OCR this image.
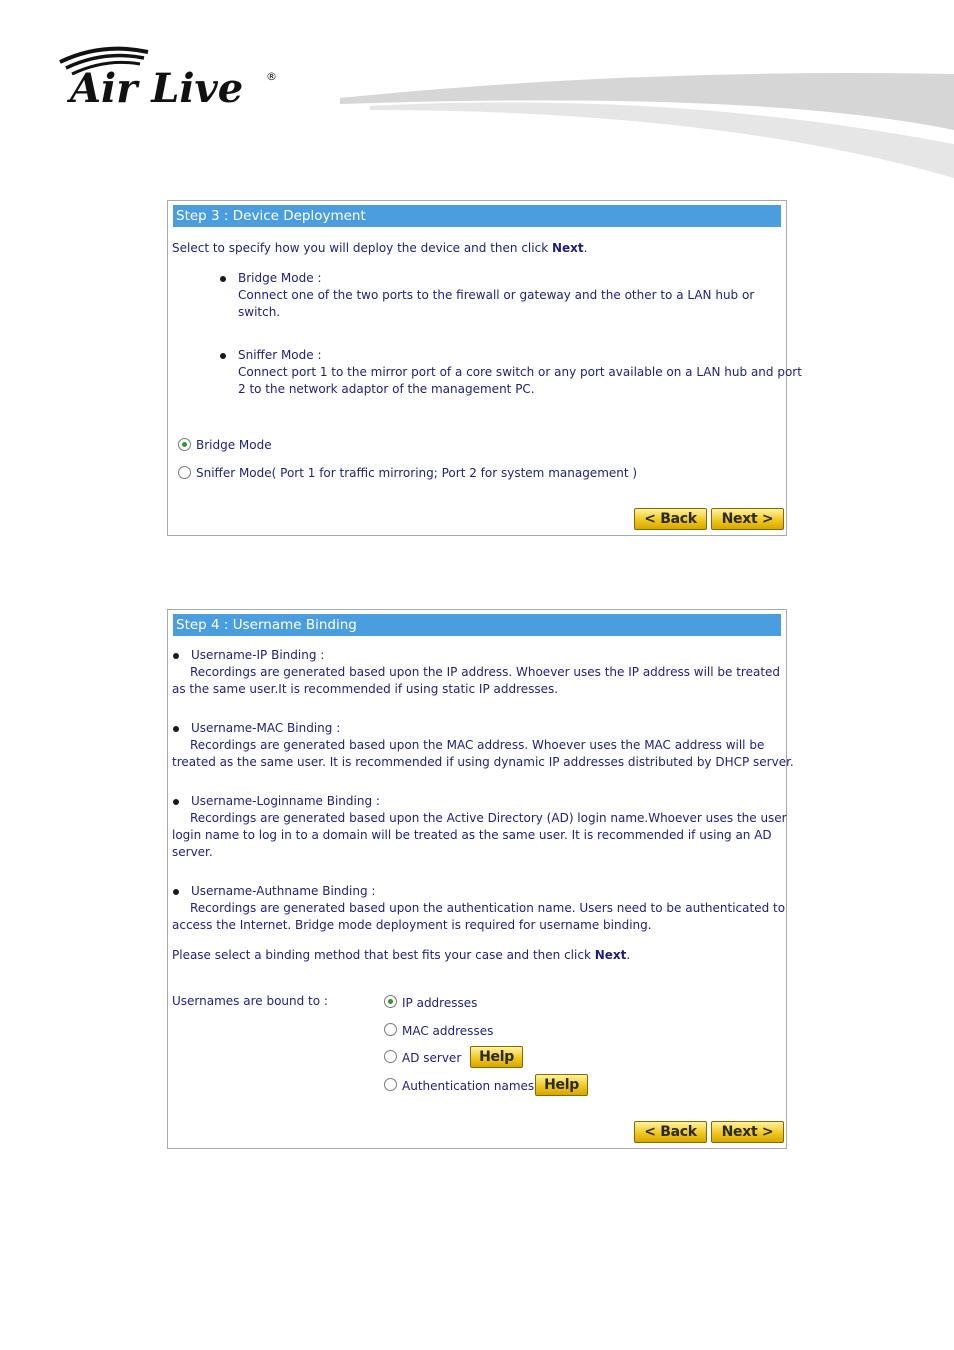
Air Live ®
Step 3 : Device Deployment
Select to specify how you will deploy the device and then click Next.
Bridge Mode :
Connect one of the two ports to the firewall or gateway and the other to a LAN hub or
switch.
Sniffer Mode :
Connect port 1 to the mirror port of a core switch or any port available on a LAN hub and port
2 to the network adaptor of the management PC.
Bridge Mode
Sniffer Mode( Port 1 for traffic mirroring; Port 2 for system management )
< Back	Next >
Step 4 : Username Binding
Username-IP Binding :
Recordings are generated based upon the IP address. Whoever uses the IP address will be treated
as the same user.It is recommended if using static IP addresses.
Username-MAC Binding :
Recordings are generated based upon the MAC address. Whoever uses the MAC address will be
treated as the same user. It is recommended if using dynamic IP addresses distributed by DHCP server.
Username-Loginname Binding :
Recordings are generated based upon the Active Directory (AD) login name.Whoever uses the user
login name to log in to a domain will be treated as the same user. It is recommended if using an AD
server.
Username-Authname Binding :
Recordings are generated based upon the authentication name. Users need to be authenticated to
access the Internet. Bridge mode deployment is required for username binding.
Please select a binding method that best fits your case and then click Next.
Usernames are bound to :	IP addresses
MAC addresses
AD server	Help
Authentication names Help
< Back	Next >
